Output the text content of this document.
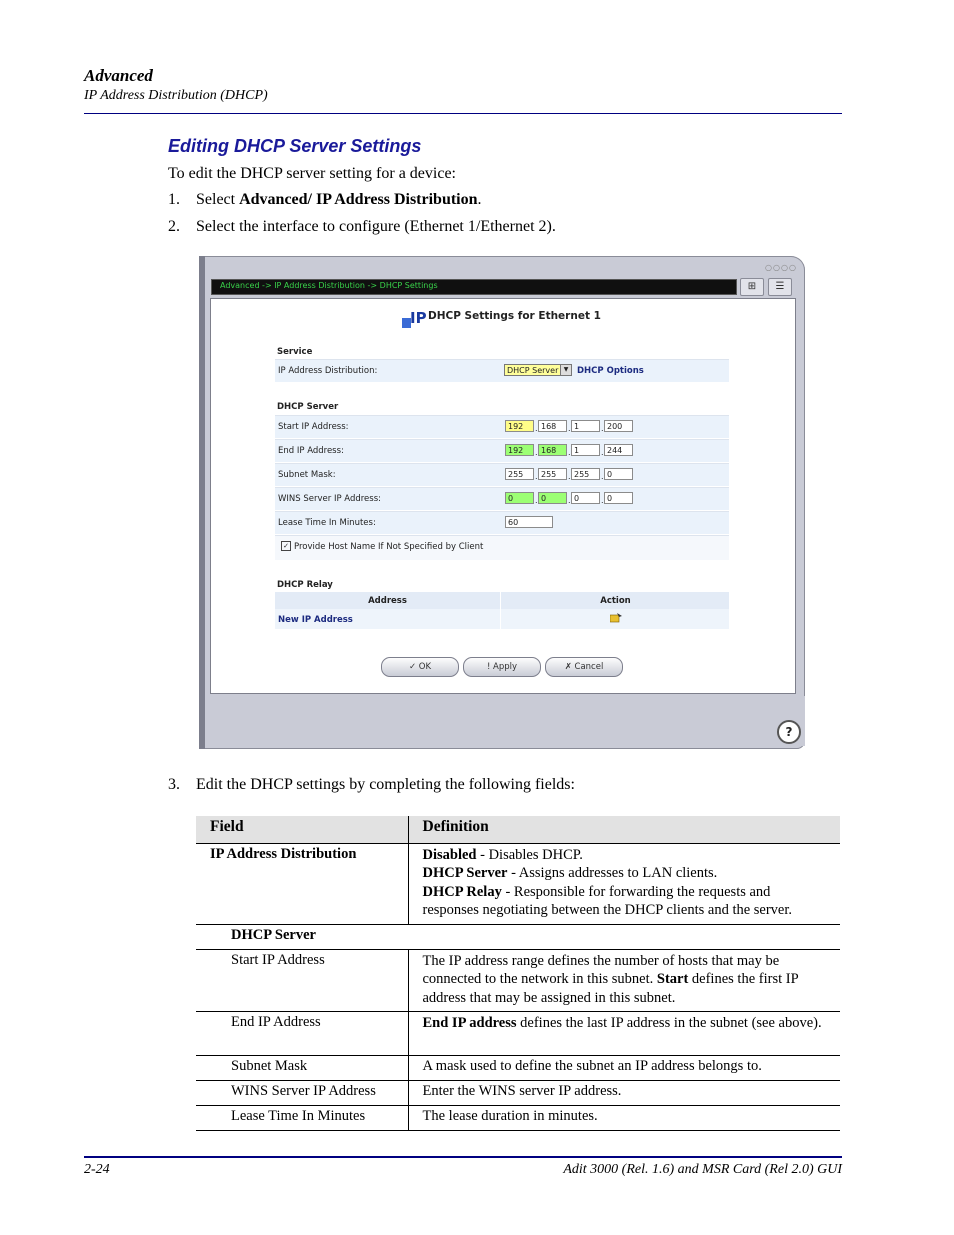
Advanced
IP Address Distribution (DHCP)
Editing DHCP Server Settings
To edit the DHCP server setting for a device:
1. Select Advanced/ IP Address Distribution.
2. Select the interface to configure (Ethernet 1/Ethernet 2).
○○○○
Advanced -> IP Address Distribution -> DHCP Settings	⊞	☰
IP DHCP Settings for Ethernet 1
Service
IP Address Distribution:	DHCP Server ▼	DHCP Options
DHCP Server
Start IP Address:	192	. 168	. 1	. 200
End IP Address:	192	. 168	. 1	. 244
Subnet Mask:	255	. 255	. 255	. 0
WINS Server IP Address:	0	. 0	. 0	. 0
Lease Time In Minutes:	60
✓ Provide Host Name If Not Specified by Client
DHCP Relay
Address	Action
New IP Address
✓ OK	! Apply	✗ Cancel
?
3. Edit the DHCP settings by completing the following fields:
Field	Definition
IP Address Distribution	Disabled - Disables DHCP.
DHCP Server - Assigns addresses to LAN clients.
DHCP Relay - Responsible for forwarding the requests and responses negotiating between the DHCP clients and the server.

DHCP Server	
Start IP Address	The IP address range defines the number of hosts that may be connected to the network in this subnet. Start defines the first IP address that may be assigned in this subnet.
End IP Address	End IP address defines the last IP address in the subnet (see above).
Subnet Mask	A mask used to define the subnet an IP address belongs to.
WINS Server IP Address	Enter the WINS server IP address.
Lease Time In Minutes	The lease duration in minutes.
2-24	Adit 3000 (Rel. 1.6) and MSR Card (Rel 2.0) GUI
